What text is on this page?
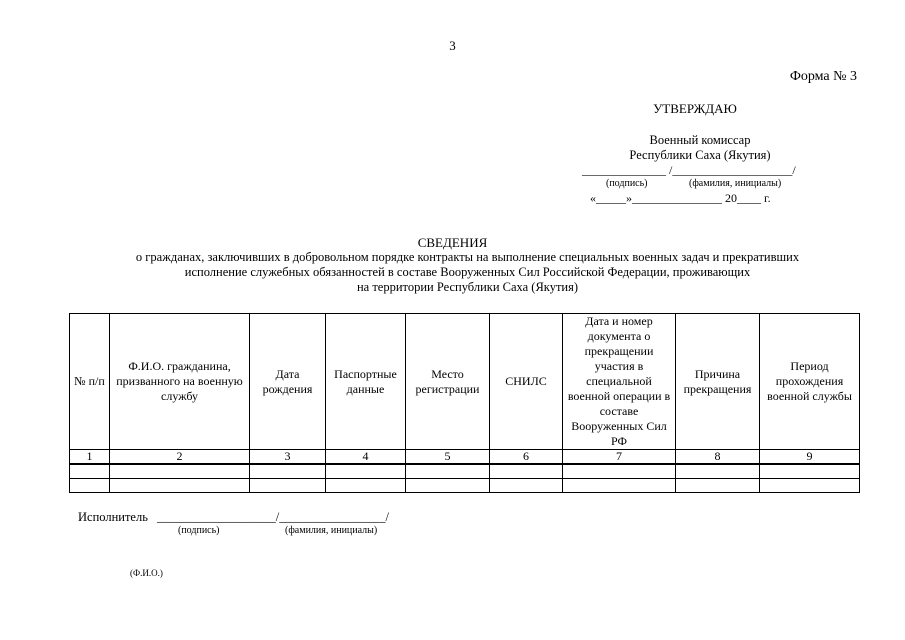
3
Форма № 3
УТВЕРЖДАЮ
Военный комиссар
Республики Саха (Якутия)
______________ /____________________/
(подпись)	(фамилия, инициалы)
«_____»_______________ 20____ г.
СВЕДЕНИЯ
о гражданах, заключивших в добровольном порядке контракты на выполнение специальных военных задач и прекративших
исполнение служебных обязанностей в составе Вооруженных Сил Российской Федерации, проживающих
на территории Республики Саха (Якутия)
№ п/п	Ф.И.О. гражданина, призванного на военную службу	Дата рождения	Паспортные данные	Место регистрации	СНИЛС	Дата и номер документа о прекращении участия в специальной военной операции в составе Вооруженных Сил РФ	Причина прекращения	Период прохождения военной службы
1	2	3	4	5	6	7	8	9

Исполнитель ___________________/_________________/
(подпись)	(фамилия, инициалы)
(Ф.И.О.)
